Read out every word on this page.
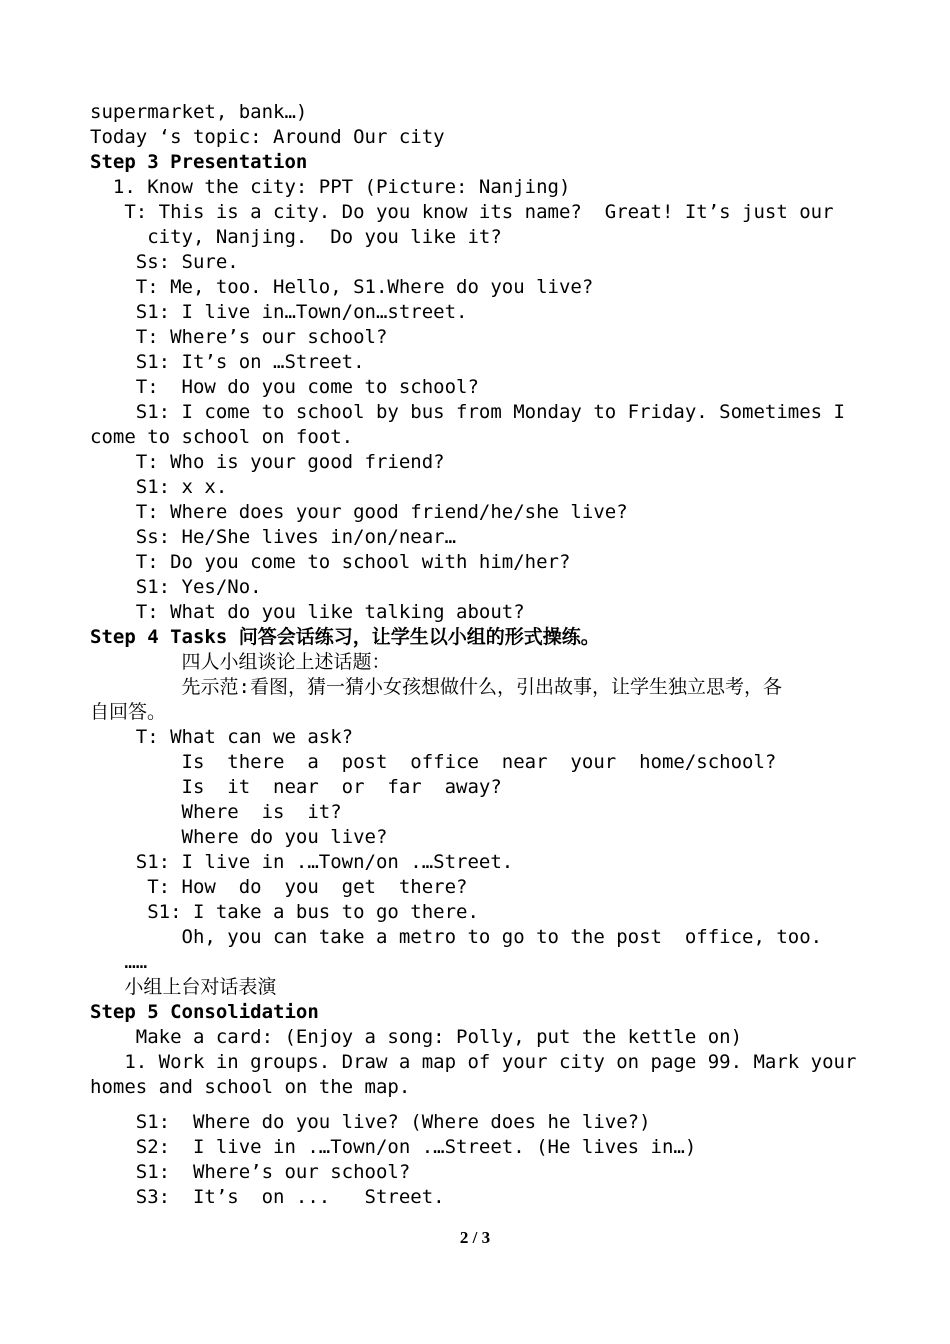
supermarket, bank…)
Today ‘s topic: Around Our city
Step 3 Presentation
1. Know the city: PPT (Picture: Nanjing)
T: This is a city. Do you know its name?  Great! It’s just our
city, Nanjing.  Do you like it?
Ss: Sure.
T: Me, too. Hello, S1.Where do you live?
S1: I live in…Town/on…street.
T: Where’s our school?
S1: It’s on …Street.
T:  How do you come to school?
S1: I come to school by bus from Monday to Friday. Sometimes I
come to school on foot.
T: Who is your good friend?
S1: x x.
T: Where does your good friend/he/she live?
Ss: He/She lives in/on/near…
T: Do you come to school with him/her?
S1: Yes/No.
T: What do you like talking about?
Step 4 Tasks 问答会话练习，让学生以小组的形式操练。
四人小组谈论上述话题：
先示范:看图，猜一猜小女孩想做什么，引出故事，让学生独立思考，各
自回答。
T: What can we ask?
Is  there  a  post  office  near  your  home/school?
Is  it  near  or  far  away?
Where  is  it?
Where do you live?
S1: I live in .…Town/on .…Street.
T: How  do  you  get  there?
S1: I take a bus to go there.
Oh, you can take a metro to go to the post  office, too.
……
小组上台对话表演
Step 5 Consolidation
Make a card: (Enjoy a song: Polly, put the kettle on)
1. Work in groups. Draw a map of your city on page 99. Mark your
homes and school on the map.
S1:  Where do you live? (Where does he live?)
S2:  I live in .…Town/on .…Street. (He lives in…)
S1:  Where’s our school?
S3:  It’s  on ...   Street.
2 / 3
